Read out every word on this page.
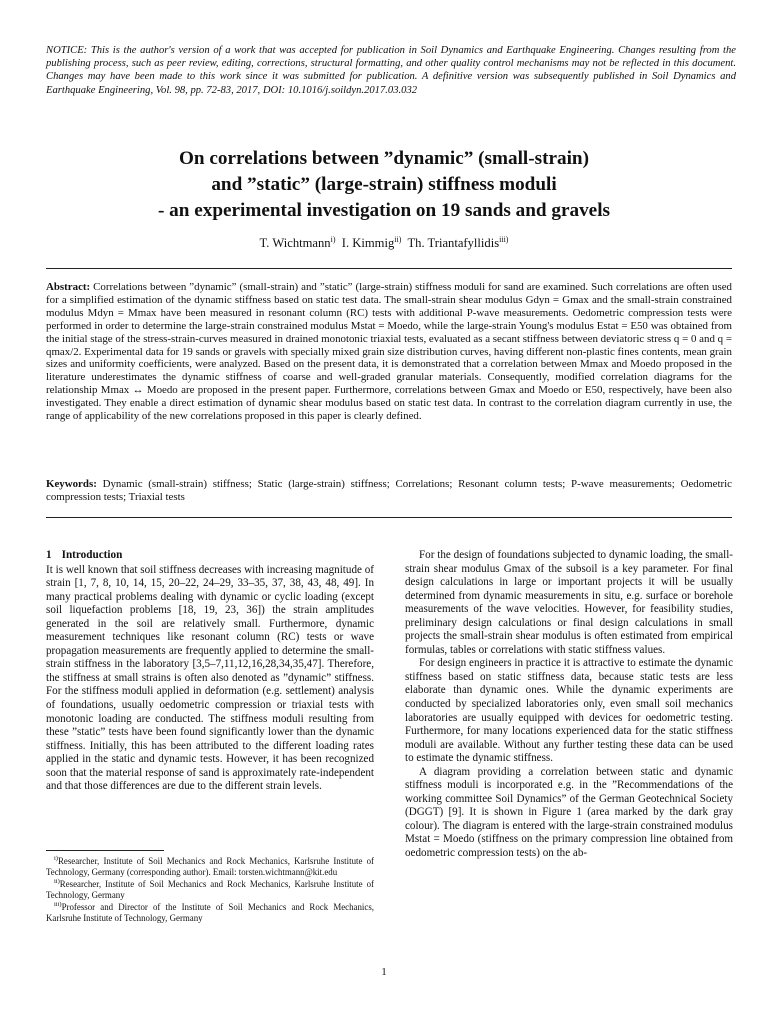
NOTICE: This is the author's version of a work that was accepted for publication in Soil Dynamics and Earthquake Engineering. Changes resulting from the publishing process, such as peer review, editing, corrections, structural formatting, and other quality control mechanisms may not be reflected in this document. Changes may have been made to this work since it was submitted for publication. A definitive version was subsequently published in Soil Dynamics and Earthquake Engineering, Vol. 98, pp. 72-83, 2017, DOI: 10.1016/j.soildyn.2017.03.032
On correlations between ”dynamic” (small-strain)
and ”static” (large-strain) stiffness moduli
- an experimental investigation on 19 sands and gravels
T. Wichtmann$^{i)}$ I. Kimmig$^{ii)}$ Th. Triantafyllidis$^{iii)}$
Abstract: Correlations between ”dynamic” (small-strain) and ”static” (large-strain) stiffness moduli for sand are examined. Such correlations are often used for a simplified estimation of the dynamic stiffness based on static test data. The small-strain shear modulus Gdyn = Gmax and the small-strain constrained modulus Mdyn = Mmax have been measured in resonant column (RC) tests with additional P-wave measurements. Oedometric compression tests were performed in order to determine the large-strain constrained modulus Mstat = Moedo, while the large-strain Young's modulus Estat = E50 was obtained from the initial stage of the stress-strain-curves measured in drained monotonic triaxial tests, evaluated as a secant stiffness between deviatoric stress q = 0 and q = qmax/2. Experimental data for 19 sands or gravels with specially mixed grain size distribution curves, having different non-plastic fines contents, mean grain sizes and uniformity coefficients, were analyzed. Based on the present data, it is demonstrated that a correlation between Mmax and Moedo proposed in the literature underestimates the dynamic stiffness of coarse and well-graded granular materials. Consequently, modified correlation diagrams for the relationship Mmax ↔ Moedo are proposed in the present paper. Furthermore, correlations between Gmax and Moedo or E50, respectively, have been also investigated. They enable a direct estimation of dynamic shear modulus based on static test data. In contrast to the correlation diagram currently in use, the range of applicability of the new correlations proposed in this paper is clearly defined.
Keywords: Dynamic (small-strain) stiffness; Static (large-strain) stiffness; Correlations; Resonant column tests; P-wave measurements; Oedometric compression tests; Triaxial tests
1 Introduction

It is well known that soil stiffness decreases with increasing magnitude of strain [1, 7, 8, 10, 14, 15, 20–22, 24–29, 33–35, 37, 38, 43, 48, 49]. In many practical problems dealing with dynamic or cyclic loading (except soil liquefaction problems [18, 19, 23, 36]) the strain amplitudes generated in the soil are relatively small. Furthermore, dynamic measurement techniques like resonant column (RC) tests or wave propagation measurements are frequently applied to determine the small-strain stiffness in the laboratory [3,5–7,11,12,16,28,34,35,47]. Therefore, the stiffness at small strains is often also denoted as ”dynamic” stiffness. For the stiffness moduli applied in deformation (e.g. settlement) analysis of foundations, usually oedometric compression or triaxial tests with monotonic loading are conducted. The stiffness moduli resulting from these ”static” tests have been found significantly lower than the dynamic stiffness. Initially, this has been attributed to the different loading rates applied in the static and dynamic tests. However, it has been recognized soon that the material response of sand is approximately rate-independent and that those differences are due to the different strain levels.

$^{i)}$Researcher, Institute of Soil Mechanics and Rock Mechanics, Karlsruhe Institute of Technology, Germany (corresponding author). Email: torsten.wichtmann@kit.edu

$^{ii)}$Researcher, Institute of Soil Mechanics and Rock Mechanics, Karlsruhe Institute of Technology, Germany

$^{iii)}$Professor and Director of the Institute of Soil Mechanics and Rock Mechanics, Karlsruhe Institute of Technology, Germany

For the design of foundations subjected to dynamic loading, the small-strain shear modulus Gmax of the subsoil is a key parameter. For final design calculations in large or important projects it will be usually determined from dynamic measurements in situ, e.g. surface or borehole measurements of the wave velocities. However, for feasibility studies, preliminary design calculations or final design calculations in small projects the small-strain shear modulus is often estimated from empirical formulas, tables or correlations with static stiffness values.

For design engineers in practice it is attractive to estimate the dynamic stiffness based on static stiffness data, because static tests are less elaborate than dynamic ones. While the dynamic experiments are conducted by specialized laboratories only, even small soil mechanics laboratories are usually equipped with devices for oedometric testing. Furthermore, for many locations experienced data for the static stiffness moduli are available. Without any further testing these data can be used to estimate the dynamic stiffness.

A diagram providing a correlation between static and dynamic stiffness moduli is incorporated e.g. in the ”Recommendations of the working committee Soil Dynamics” of the German Geotechnical Society (DGGT) [9]. It is shown in Figure 1 (area marked by the dark gray colour). The diagram is entered with the large-strain constrained modulus Mstat = Moedo (stiffness on the primary compression line obtained from oedometric compression tests) on the ab-

1
